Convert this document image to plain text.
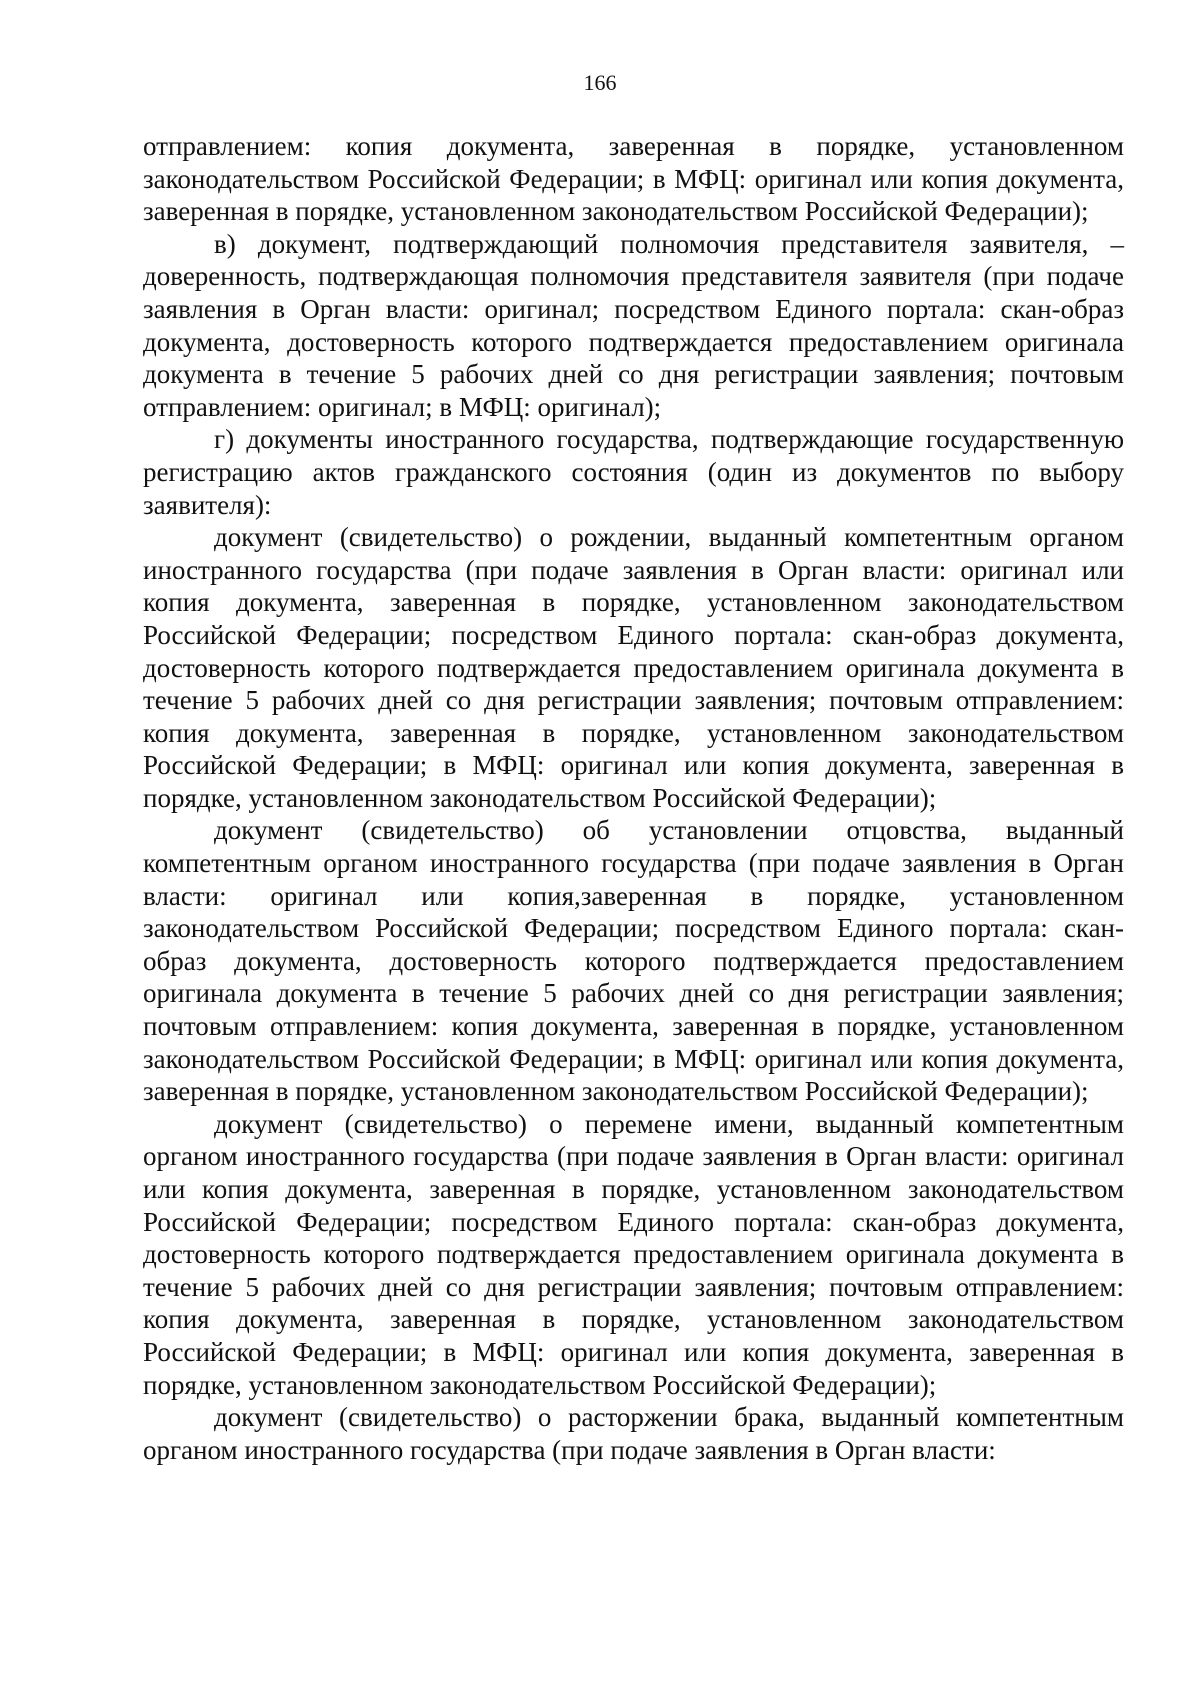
166

отправлением: копия документа, заверенная в порядке, установленном законодательством Российской Федерации; в МФЦ: оригинал или копия документа, заверенная в порядке, установленном законодательством Российской Федерации);

в) документ, подтверждающий полномочия представителя заявителя, – доверенность, подтверждающая полномочия представителя заявителя (при подаче заявления в Орган власти: оригинал; посредством Единого портала: скан-образ документа, достоверность которого подтверждается предоставлением оригинала документа в течение 5 рабочих дней со дня регистрации заявления; почтовым отправлением: оригинал; в МФЦ: оригинал);

г) документы иностранного государства, подтверждающие государственную регистрацию актов гражданского состояния (один из документов по выбору заявителя):

документ (свидетельство) о рождении, выданный компетентным органом иностранного государства (при подаче заявления в Орган власти: оригинал или копия документа, заверенная в порядке, установленном законодательством Российской Федерации; посредством Единого портала: скан-образ документа, достоверность которого подтверждается предоставлением оригинала документа в течение 5 рабочих дней со дня регистрации заявления; почтовым отправлением: копия документа, заверенная в порядке, установленном законодательством Российской Федерации; в МФЦ: оригинал или копия документа, заверенная в порядке, установленном законодательством Российской Федерации);

документ (свидетельство) об установлении отцовства, выданный компетентным органом иностранного государства (при подаче заявления в Орган власти: оригинал или копия,заверенная в порядке, установленном законодательством Российской Федерации; посредством Единого портала: скан-образ документа, достоверность которого подтверждается предоставлением оригинала документа в течение 5 рабочих дней со дня регистрации заявления; почтовым отправлением: копия документа, заверенная в порядке, установленном законодательством Российской Федерации; в МФЦ: оригинал или копия документа, заверенная в порядке, установленном законодательством Российской Федерации);

документ (свидетельство) о перемене имени, выданный компетентным органом иностранного государства (при подаче заявления в Орган власти: оригинал или копия документа, заверенная в порядке, установленном законодательством Российской Федерации; посредством Единого портала: скан-образ документа, достоверность которого подтверждается предоставлением оригинала документа в течение 5 рабочих дней со дня регистрации заявления; почтовым отправлением: копия документа, заверенная в порядке, установленном законодательством Российской Федерации; в МФЦ: оригинал или копия документа, заверенная в порядке, установленном законодательством Российской Федерации);

документ (свидетельство) о расторжении брака, выданный компетентным органом иностранного государства (при подаче заявления в Орган власти:
